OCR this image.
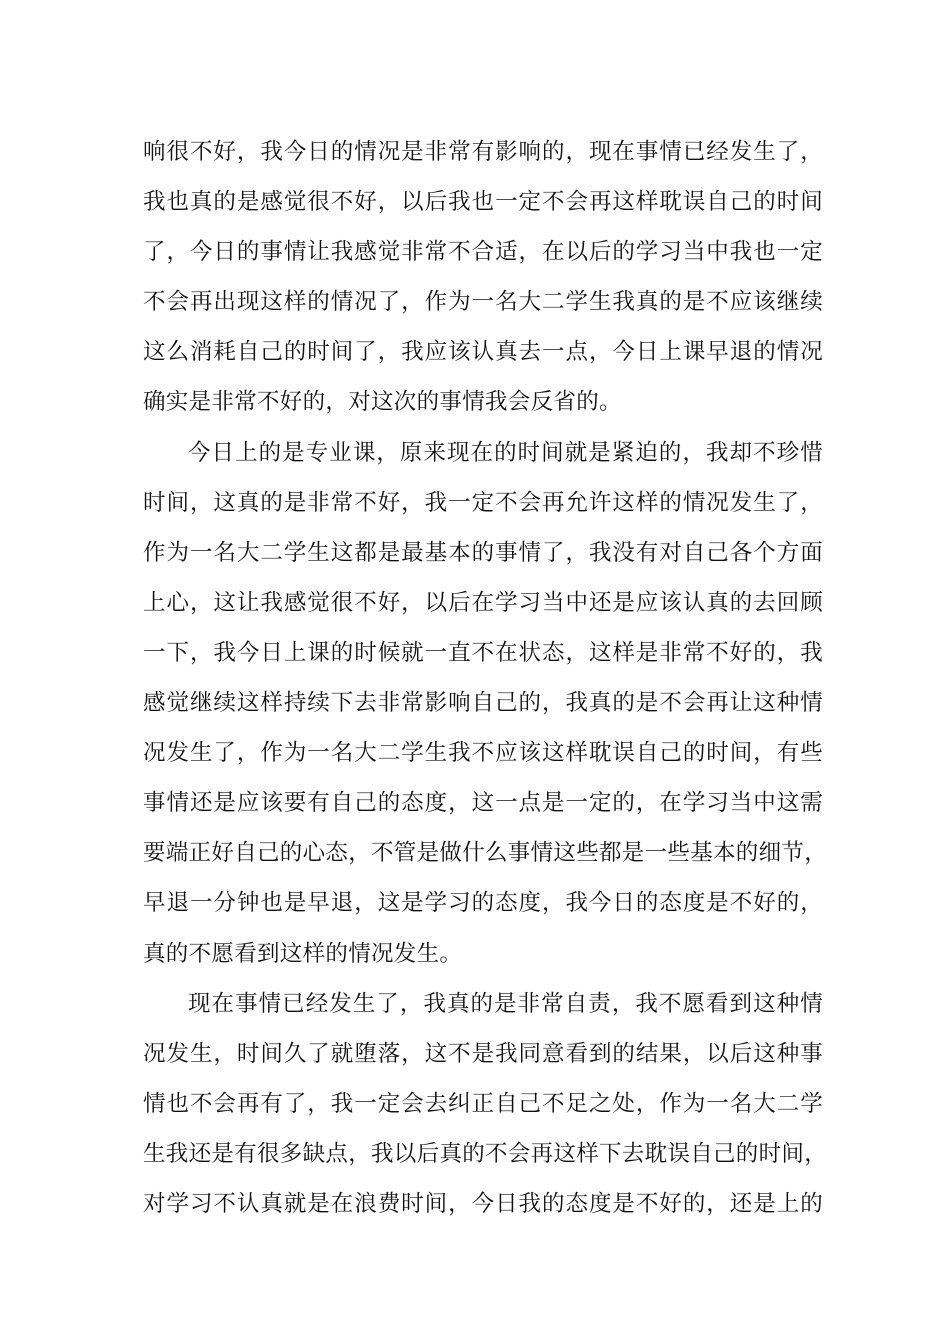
响很不好，我今日的情况是非常有影响的，现在事情已经发生了，
我也真的是感觉很不好，以后我也一定不会再这样耽误自己的时间
了，今日的事情让我感觉非常不合适，在以后的学习当中我也一定
不会再出现这样的情况了，作为一名大二学生我真的是不应该继续
这么消耗自己的时间了，我应该认真去一点，今日上课早退的情况
确实是非常不好的，对这次的事情我会反省的。
今日上的是专业课，原来现在的时间就是紧迫的，我却不珍惜
时间，这真的是非常不好，我一定不会再允许这样的情况发生了，
作为一名大二学生这都是最基本的事情了，我没有对自己各个方面
上心，这让我感觉很不好，以后在学习当中还是应该认真的去回顾
一下，我今日上课的时候就一直不在状态，这样是非常不好的，我
感觉继续这样持续下去非常影响自己的，我真的是不会再让这种情
况发生了，作为一名大二学生我不应该这样耽误自己的时间，有些
事情还是应该要有自己的态度，这一点是一定的，在学习当中这需
要端正好自己的心态，不管是做什么事情这些都是一些基本的细节，
早退一分钟也是早退，这是学习的态度，我今日的态度是不好的，
真的不愿看到这样的情况发生。
现在事情已经发生了，我真的是非常自责，我不愿看到这种情
况发生，时间久了就堕落，这不是我同意看到的结果，以后这种事
情也不会再有了，我一定会去纠正自己不足之处，作为一名大二学
生我还是有很多缺点，我以后真的不会再这样下去耽误自己的时间，
对学习不认真就是在浪费时间，今日我的态度是不好的，还是上的
